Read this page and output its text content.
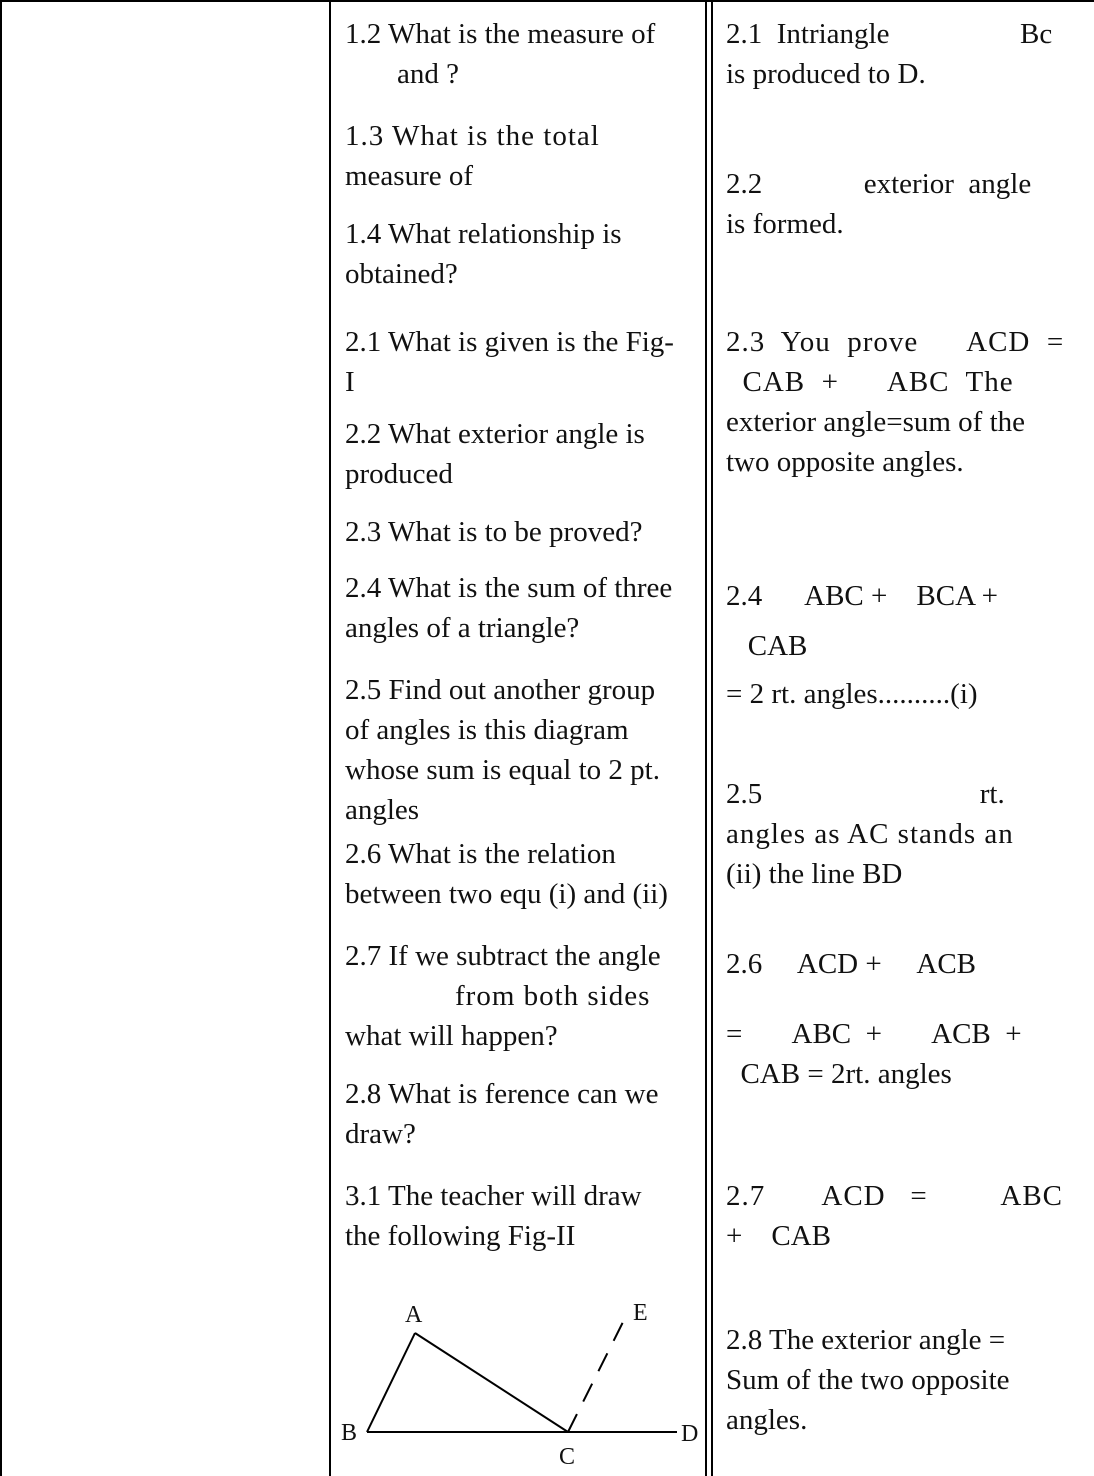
1.2 What is the measure of
and ?
1.3 What is the total
measure of
1.4 What relationship is
obtained?
2.1 What is given is the Fig-
I
2.2 What exterior angle is
produced
2.3 What is to be proved?
2.4 What is the sum of three
angles of a triangle?
2.5 Find out another group
of angles is this diagram
whose sum is equal to 2 pt.
angles
2.6 What is the relation
between two equ (i) and (ii)
2.7 If we subtract the angle
from both sides
what will happen?
2.8 What is ference can we
draw?
3.1 The teacher will draw
the following Fig-II
A
B
C
D
E
2.1  Intriangle                  Bc
is produced to D.
2.2              exterior  angle
is formed.
2.3  You  prove      ACD  =
CAB  +      ABC  The
exterior angle=sum of the
two opposite angles.
2.4      ABC +    BCA +
CAB
= 2 rt. angles..........(i)
2.5                              rt.
angles as AC stands an
(ii) the line BD
2.6     ACD +     ACB
=       ABC  +       ACB  +
CAB = 2rt. angles
2.7       ACD   =         ABC
+    CAB
2.8 The exterior angle =
Sum of the two opposite
angles.
